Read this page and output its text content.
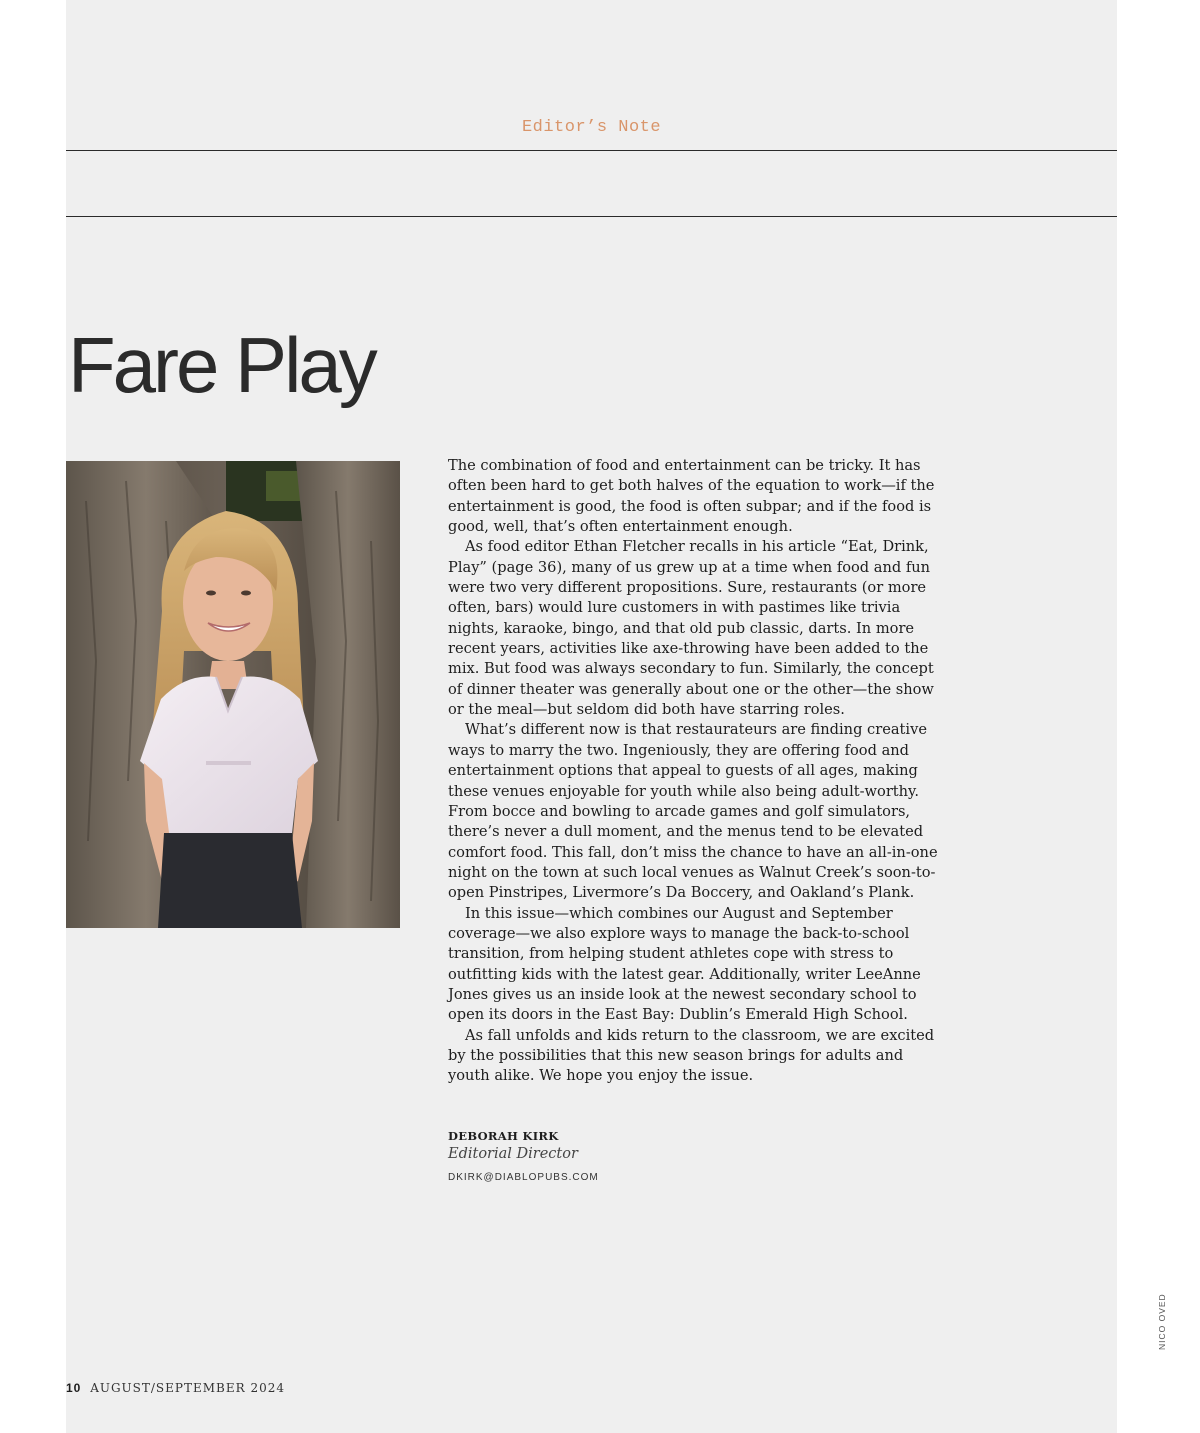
Editor’s Note
Fare Play

The combination of food and entertainment can be tricky. It has often been hard to get both halves of the equation to work—if the entertainment is good, the food is often subpar; and if the food is good, well, that’s often entertainment enough.

As food editor Ethan Fletcher recalls in his article “Eat, Drink, Play” (page 36), many of us grew up at a time when food and fun were two very different propositions. Sure, restaurants (or more often, bars) would lure customers in with pastimes like trivia nights, karaoke, bingo, and that old pub classic, darts. In more recent years, activities like axe-throwing have been added to the mix. But food was always secondary to fun. Similarly, the concept of dinner theater was generally about one or the other—the show or the meal—but seldom did both have starring roles.

What’s different now is that restaurateurs are finding creative ways to marry the two. Ingeniously, they are offering food and entertainment options that appeal to guests of all ages, making these venues enjoyable for youth while also being adult-worthy. From bocce and bowling to arcade games and golf simulators, there’s never a dull moment, and the menus tend to be elevated comfort food. This fall, don’t miss the chance to have an all-in-one night on the town at such local venues as Walnut Creek’s soon-to-open Pinstripes, Livermore’s Da Boccery, and Oakland’s Plank.

In this issue—which combines our August and September coverage—we also explore ways to manage the back-to-school transition, from helping student athletes cope with stress to outfitting kids with the latest gear. Additionally, writer LeeAnne Jones gives us an inside look at the newest secondary school to open its doors in the East Bay: Dublin’s Emerald High School.

As fall unfolds and kids return to the classroom, we are excited by the possibilities that this new season brings for adults and youth alike. We hope you enjoy the issue.

DEBORAH KIRK

Editorial Director

DKIRK@DIABLOPUBS.COM
10 AUGUST/SEPTEMBER 2024
NICO OVED
